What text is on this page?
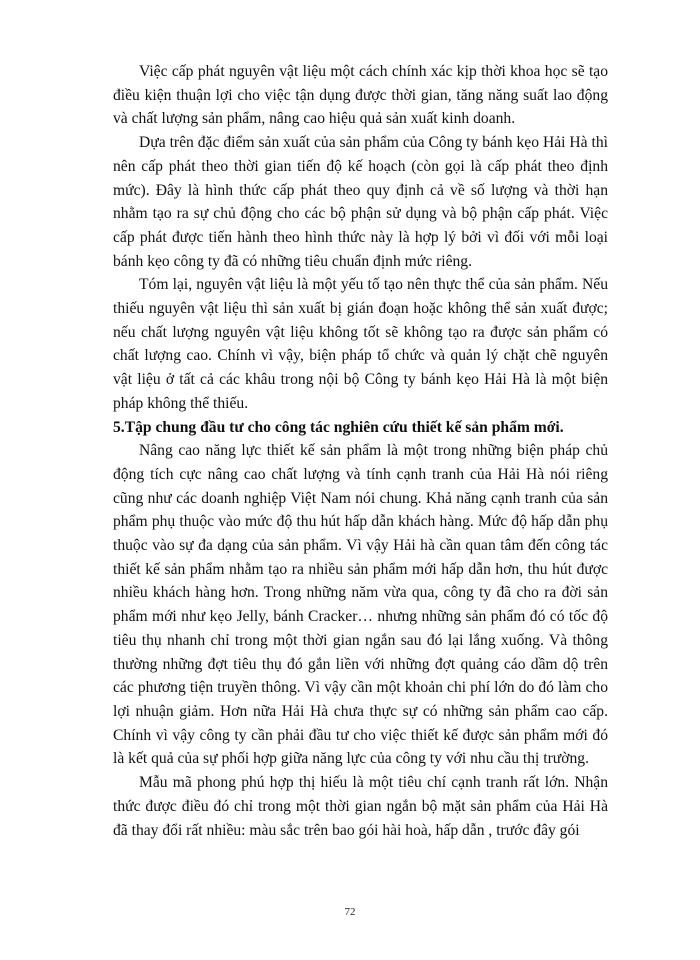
Việc cấp phát nguyên vật liệu một cách chính xác kịp thời khoa học sẽ tạo điều kiện thuận lợi cho việc tận dụng được thời gian, tăng năng suất lao động và chất lượng sản phẩm, nâng cao hiệu quả sản xuất kinh doanh.

Dựa trên đặc điểm sản xuất của sản phẩm của Công ty bánh kẹo Hải Hà thì nên cấp phát theo thời gian tiến độ kế hoạch (còn gọi là cấp phát theo định mức). Đây là hình thức cấp phát theo quy định cả về số lượng và thời hạn nhằm tạo ra sự chủ động cho các bộ phận sử dụng và bộ phận cấp phát. Việc cấp phát được tiến hành theo hình thức này là hợp lý bởi vì đối với mỗi loại bánh kẹo công ty đã có những tiêu chuẩn định mức riêng.

Tóm lại, nguyên vật liệu là một yếu tố tạo nên thực thể của sản phẩm. Nếu thiếu nguyên vật liệu thì sản xuất bị gián đoạn hoặc không thể sản xuất được; nếu chất lượng nguyên vật liệu không tốt sẽ không tạo ra được sản phẩm có chất lượng cao. Chính vì vậy, biện pháp tổ chức và quản lý chặt chẽ nguyên vật liệu ở tất cả các khâu trong nội bộ Công ty bánh kẹo Hải Hà là một biện pháp không thể thiếu.

5.Tập chung đầu tư cho công tác nghiên cứu thiết kế sản phẩm mới.

Nâng cao năng lực thiết kế sản phẩm là một trong những biện pháp chủ động tích cực nâng cao chất lượng và tính cạnh tranh của Hải Hà nói riêng cũng như các doanh nghiệp Việt Nam nói chung. Khả năng cạnh tranh của sản phẩm phụ thuộc vào mức độ thu hút hấp dẫn khách hàng. Mức độ hấp dẫn phụ thuộc vào sự đa dạng của sản phẩm. Vì vậy Hải hà cần quan tâm đến công tác thiết kế sản phẩm nhằm tạo ra nhiều sản phẩm mới hấp dẫn hơn, thu hút được nhiều khách hàng hơn. Trong những năm vừa qua, công ty đã cho ra đời sản phẩm mới như kẹo Jelly, bánh Cracker… nhưng những sản phẩm đó có tốc độ tiêu thụ nhanh chỉ trong một thời gian ngắn sau đó lại lắng xuống. Và thông thường những đợt tiêu thụ đó gắn liền với những đợt quảng cáo dầm dộ trên các phương tiện truyền thông. Vì vậy cần một khoản chi phí lớn do đó làm cho lợi nhuận giảm. Hơn nữa Hải Hà chưa thực sự có những sản phẩm cao cấp. Chính vì vậy công ty cần phải đầu tư cho việc thiết kế được sản phẩm mới đó là kết quả của sự phối hợp giữa năng lực của công ty với nhu cầu thị trường.

Mẫu mã phong phú hợp thị hiếu là một tiêu chí cạnh tranh rất lớn. Nhận thức được điều đó chỉ trong một thời gian ngắn bộ mặt sản phẩm của Hải Hà đã thay đổi rất nhiều: màu sắc trên bao gói hài hoà, hấp dẫn , trước đây gói

72
